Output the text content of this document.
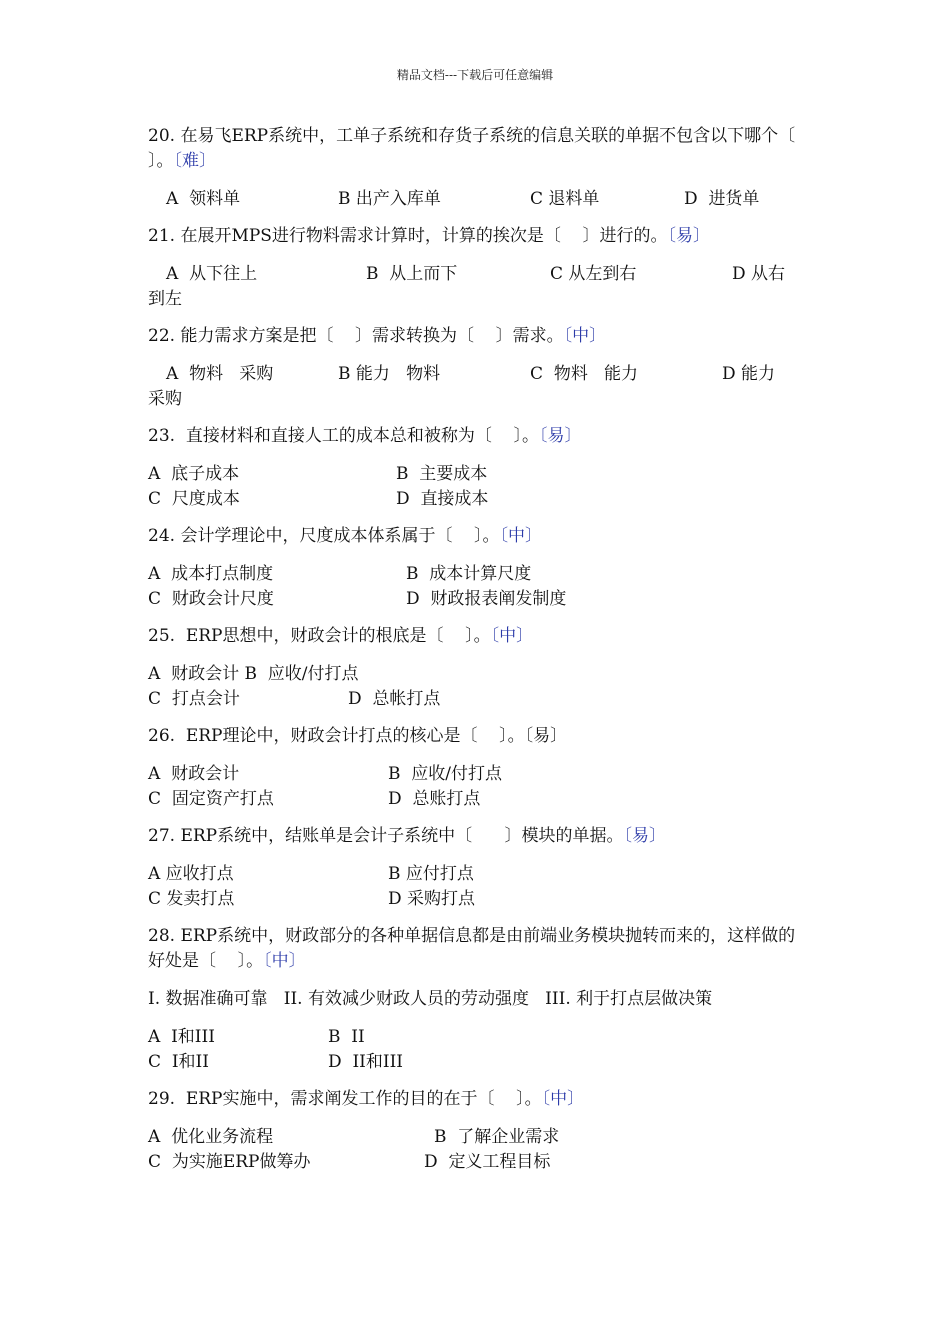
精品文档---下载后可任意编辑
20. 在易飞ERP系统中，工单子系统和存货子系统的信息关联的单据不包含以下哪个〔    〕。〔难〕

A  领料单

	B 出产入库单

	C 退料单

	D  进货单

21. 在展开MPS进行物料需求计算时，计算的挨次是〔    〕进行的。〔易〕

A  从下往上

	B  从上而下

	C 从左到右

	D 从右

到左
22. 能力需求方案是把〔    〕需求转换为〔    〕需求。〔中〕

A  物料   采购

	B 能力   物料

	C  物料   能力

	D 能力

采购
23.  直接材料和直接人工的成本总和被称为〔    〕。〔易〕

A  底子成本

	B  主要成本

C  尺度成本

	D  直接成本

24. 会计学理论中，尺度成本体系属于〔    〕。〔中〕

A  成本打点制度

	B  成本计算尺度

C  财政会计尺度

	D  财政报表阐发制度

25.  ERP思想中，财政会计的根底是〔    〕。〔中〕

A  财政会计 B  应收/付打点

C  打点会计

	D  总帐打点

26.  ERP理论中，财政会计打点的核心是〔    〕。〔易〕

A  财政会计

	B  应收/付打点

C  固定资产打点

	D  总账打点

27. ERP系统中，结账单是会计子系统中〔      〕模块的单据。〔易〕

A 应收打点

	B 应付打点

C 发卖打点

	D 采购打点

28. ERP系统中，财政部分的各种单据信息都是由前端业务模块抛转而来的，这样做的好处是〔    〕。〔中〕
I. 数据准确可靠   II. 有效减少财政人员的劳动强度   III. 利于打点层做决策

A  I和III

	B  II

C  I和II

	D  II和III

29.  ERP实施中，需求阐发工作的目的在于〔    〕。〔中〕

A  优化业务流程

	B  了解企业需求

C  为实施ERP做筹办

	D  定义工程目标
